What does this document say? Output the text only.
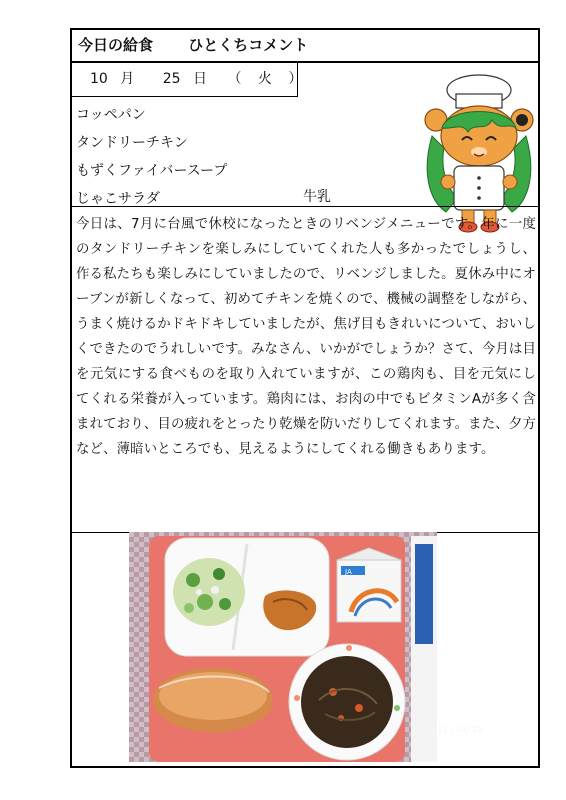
今日の給食 ひとくちコメント
10 月 25 日 （ 火 ）
コッペパン
タンドリーチキン
もずくファイバースープ
じゃこサラダ	牛乳

今日は、7月に台風で休校になったときのリベンジメニューです。年に一度のタンドリーチキンを楽しみにしていてくれた人も多かったでしょうし、作る私たちも楽しみにしていましたので、リベンジしました。夏休み中にオーブンが新しくなって、初めてチキンを焼くので、機械の調整をしながら、うまく焼けるかドキドキしていましたが、焦げ目もきれいについて、おいしくできたのでうれしいです。みなさん、いかがでしょうか？さて、今月は目を元気にする食べものを取り入れていますが、この鶏肉も、目を元気にしてくれる栄養が入っています。鶏肉には、お肉の中でもビタミンAが多く含まれており、目の疲れをとったり乾燥を防いだりしてくれます。また、夕方など、薄暗いところでも、見えるようにしてくれる働きもあります。

JA
2022/10/25
